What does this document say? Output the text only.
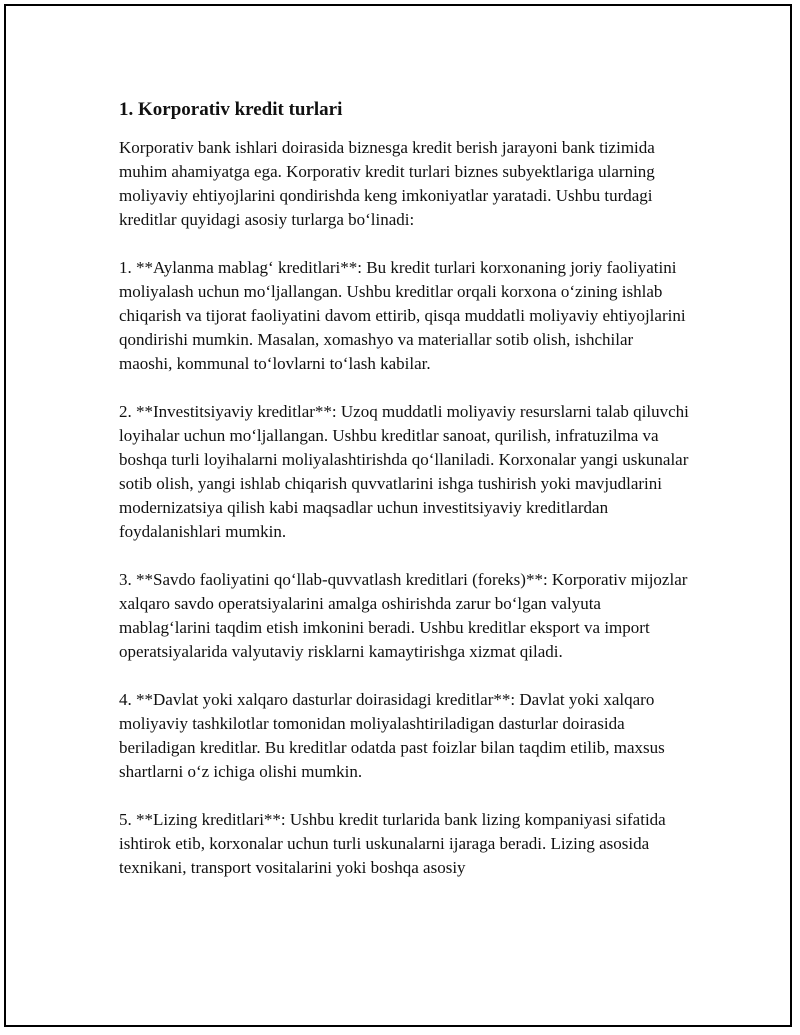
1. Korporativ kredit turlari

Korporativ bank ishlari doirasida biznesga kredit berish jarayoni bank tizimida muhim ahamiyatga ega. Korporativ kredit turlari biznes subyektlariga ularning moliyaviy ehtiyojlarini qondirishda keng imkoniyatlar yaratadi. Ushbu turdagi kreditlar quyidagi asosiy turlarga bo‘linadi:

1. **Aylanma mablag‘ kreditlari**: Bu kredit turlari korxonaning joriy faoliyatini moliyalash uchun mo‘ljallangan. Ushbu kreditlar orqali korxona o‘zining ishlab chiqarish va tijorat faoliyatini davom ettirib, qisqa muddatli moliyaviy ehtiyojlarini qondirishi mumkin. Masalan, xomashyo va materiallar sotib olish, ishchilar maoshi, kommunal to‘lovlarni to‘lash kabilar.

2. **Investitsiyaviy kreditlar**: Uzoq muddatli moliyaviy resurslarni talab qiluvchi loyihalar uchun mo‘ljallangan. Ushbu kreditlar sanoat, qurilish, infratuzilma va boshqa turli loyihalarni moliyalashtirishda qo‘llaniladi. Korxonalar yangi uskunalar sotib olish, yangi ishlab chiqarish quvvatlarini ishga tushirish yoki mavjudlarini modernizatsiya qilish kabi maqsadlar uchun investitsiyaviy kreditlardan foydalanishlari mumkin.

3. **Savdo faoliyatini qo‘llab-quvvatlash kreditlari (foreks)**: Korporativ mijozlar xalqaro savdo operatsiyalarini amalga oshirishda zarur bo‘lgan valyuta mablag‘larini taqdim etish imkonini beradi. Ushbu kreditlar eksport va import operatsiyalarida valyutaviy risklarni kamaytirishga xizmat qiladi.

4. **Davlat yoki xalqaro dasturlar doirasidagi kreditlar**: Davlat yoki xalqaro moliyaviy tashkilotlar tomonidan moliyalashtiriladigan dasturlar doirasida beriladigan kreditlar. Bu kreditlar odatda past foizlar bilan taqdim etilib, maxsus shartlarni o‘z ichiga olishi mumkin.

5. **Lizing kreditlari**: Ushbu kredit turlarida bank lizing kompaniyasi sifatida ishtirok etib, korxonalar uchun turli uskunalarni ijaraga beradi. Lizing asosida texnikani, transport vositalarini yoki boshqa asosiy
